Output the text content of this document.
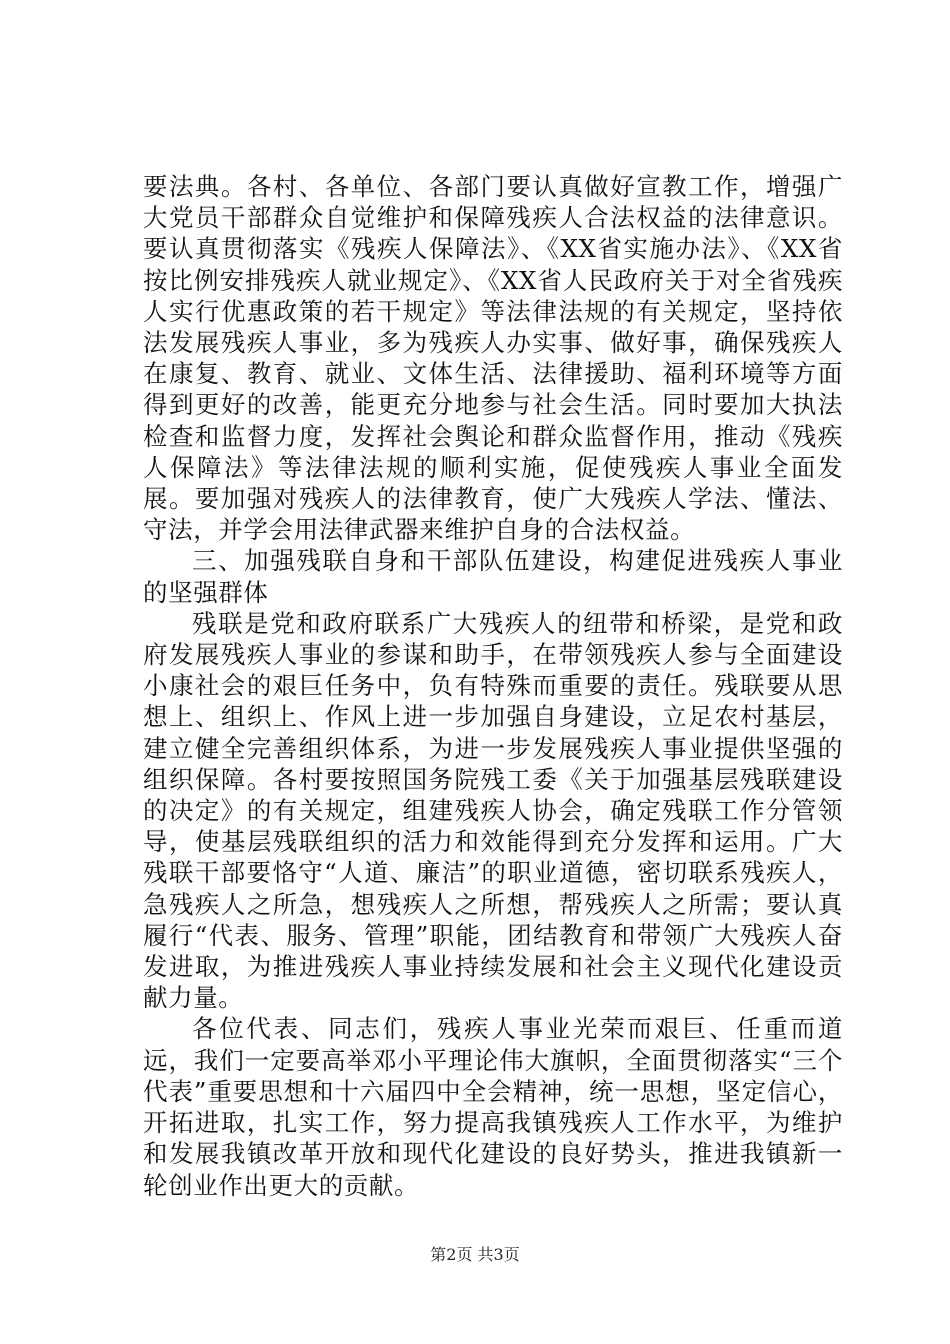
要法典。各村、各单位、各部门要认真做好宣教工作，增强广大党员干部群众自觉维护和保障残疾人合法权益的法律意识。要认真贯彻落实《残疾人保障法》、《XX省实施办法》、《XX省按比例安排残疾人就业规定》、《XX省人民政府关于对全省残疾人实行优惠政策的若干规定》等法律法规的有关规定，坚持依法发展残疾人事业，多为残疾人办实事、做好事，确保残疾人在康复、教育、就业、文体生活、法律援助、福利环境等方面得到更好的改善，能更充分地参与社会生活。同时要加大执法检查和监督力度，发挥社会舆论和群众监督作用，推动《残疾人保障法》等法律法规的顺利实施，促使残疾人事业全面发展。要加强对残疾人的法律教育，使广大残疾人学法、懂法、守法，并学会用法律武器来维护自身的合法权益。

三、加强残联自身和干部队伍建设，构建促进残疾人事业的坚强群体

残联是党和政府联系广大残疾人的纽带和桥梁，是党和政府发展残疾人事业的参谋和助手，在带领残疾人参与全面建设小康社会的艰巨任务中，负有特殊而重要的责任。残联要从思想上、组织上、作风上进一步加强自身建设，立足农村基层，建立健全完善组织体系，为进一步发展残疾人事业提供坚强的组织保障。各村要按照国务院残工委《关于加强基层残联建设的决定》的有关规定，组建残疾人协会，确定残联工作分管领导，使基层残联组织的活力和效能得到充分发挥和运用。广大残联干部要恪守“人道、廉洁”的职业道德，密切联系残疾人，急残疾人之所急，想残疾人之所想，帮残疾人之所需；要认真履行“代表、服务、管理”职能，团结教育和带领广大残疾人奋发进取，为推进残疾人事业持续发展和社会主义现代化建设贡献力量。

各位代表、同志们，残疾人事业光荣而艰巨、任重而道远，我们一定要高举邓小平理论伟大旗帜，全面贯彻落实“三个代表”重要思想和十六届四中全会精神，统一思想，坚定信心，开拓进取，扎实工作，努力提高我镇残疾人工作水平，为维护和发展我镇改革开放和现代化建设的良好势头，推进我镇新一轮创业作出更大的贡献。

第2页 共3页
